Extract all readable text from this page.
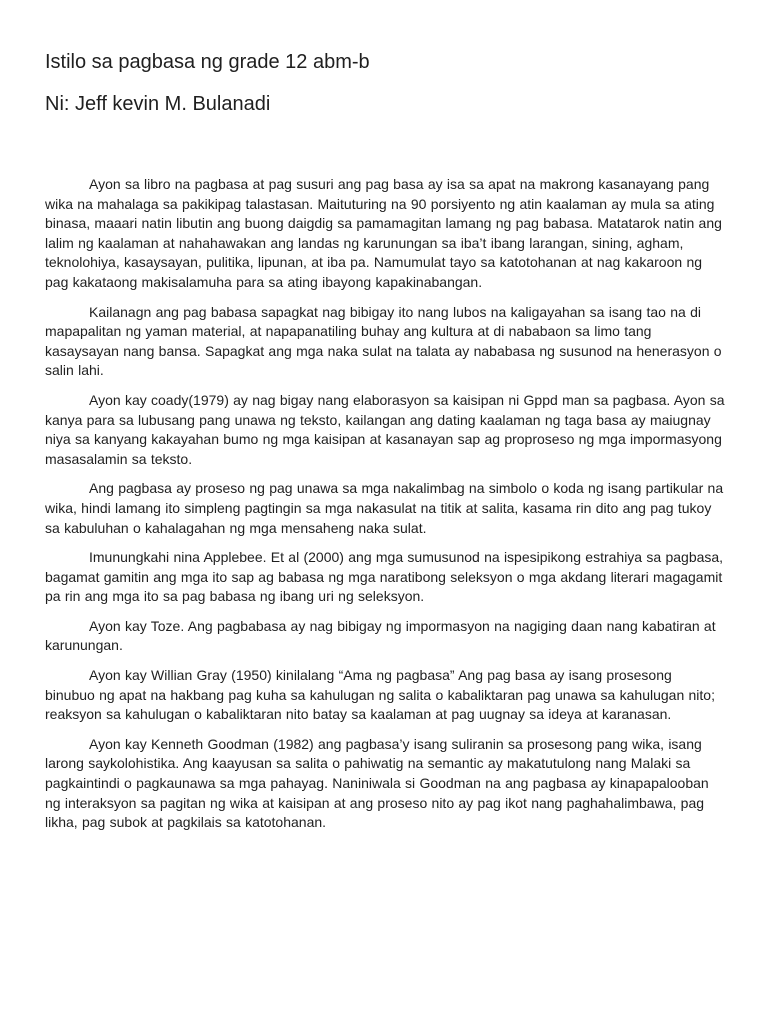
Istilo sa pagbasa ng grade 12 abm-b
Ni: Jeff kevin M. Bulanadi

Ayon sa libro na pagbasa at pag susuri ang pag basa ay isa sa apat na makrong kasanayang pang wika na mahalaga sa pakikipag talastasan. Maituturing na 90 porsiyento ng atin kaalaman ay mula sa ating binasa, maaari natin libutin ang buong daigdig sa pamamagitan lamang ng pag babasa. Matatarok natin ang lalim ng kaalaman at nahahawakan ang landas ng karunungan sa iba’t ibang larangan, sining, agham, teknolohiya, kasaysayan, pulitika, lipunan, at iba pa. Namumulat tayo sa katotohanan at nag kakaroon ng pag kakataong makisalamuha para sa ating ibayong kapakinabangan.

Kailanagn ang pag babasa sapagkat nag bibigay ito nang lubos na kaligayahan sa isang tao na di mapapalitan ng yaman material, at napapanatiling buhay ang kultura at di nababaon sa limo tang kasaysayan nang bansa. Sapagkat ang mga naka sulat na talata ay nababasa ng susunod na henerasyon o salin lahi.

Ayon kay coady(1979) ay nag bigay nang elaborasyon sa kaisipan ni Gppd man sa pagbasa. Ayon sa kanya para sa lubusang pang unawa ng teksto, kailangan ang dating kaalaman ng taga basa ay maiugnay niya sa kanyang kakayahan bumo ng mga kaisipan at kasanayan sap ag proproseso ng mga impormasyong masasalamin sa teksto.

Ang pagbasa ay proseso ng pag unawa sa mga nakalimbag na simbolo o koda ng isang partikular na wika, hindi lamang ito simpleng pagtingin sa mga nakasulat na titik at salita, kasama rin dito ang pag tukoy sa kabuluhan o kahalagahan ng mga mensaheng naka sulat.

Imunungkahi nina Applebee. Et al (2000) ang mga sumusunod na ispesipikong estrahiya sa pagbasa, bagamat gamitin ang mga ito sap ag babasa ng mga naratibong seleksyon o mga akdang literari magagamit pa rin ang mga ito sa pag babasa ng ibang uri ng seleksyon.

Ayon kay Toze. Ang pagbabasa ay nag bibigay ng impormasyon na nagiging daan nang kabatiran at karunungan.

Ayon kay Willian Gray (1950) kinilalang “Ama ng pagbasa” Ang pag basa ay isang prosesong binubuo ng apat na hakbang pag kuha sa kahulugan ng salita o kabaliktaran pag unawa sa kahulugan nito; reaksyon sa kahulugan o kabaliktaran nito batay sa kaalaman at pag uugnay sa ideya at karanasan.

Ayon kay Kenneth Goodman (1982) ang pagbasa’y isang suliranin sa prosesong pang wika, isang larong saykolohistika. Ang kaayusan sa salita o pahiwatig na semantic ay makatutulong nang Malaki sa pagkaintindi o pagkaunawa sa mga pahayag. Naniniwala si Goodman na ang pagbasa ay kinapapalooban ng interaksyon sa pagitan ng wika at kaisipan at ang proseso nito ay pag ikot nang paghahalimbawa, pag likha, pag subok at pagkilais sa katotohanan.
